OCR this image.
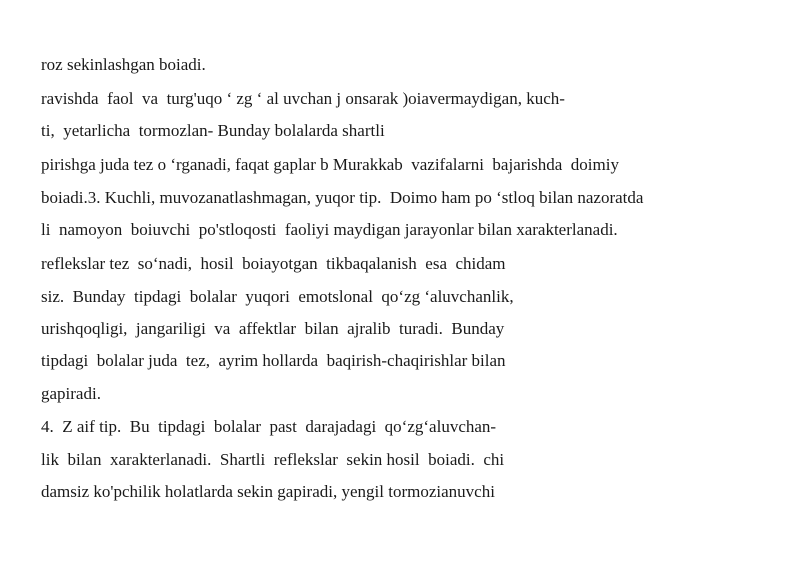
roz sekinlashgan boiadi.

ravishda  faol  va  turg'uqo ‘ zg ‘ al uvchan j onsarak )oiavermaydigan, kuch-

ti,  yetarlicha  tormozlan- Bunday bolalarda shartli

pirishga juda tez o ‘rganadi, faqat gaplar b Murakkab  vazifalarni  bajarishda  doimiy

boiadi.3. Kuchli, muvozanatlashmagan, yuqor tip.  Doimo ham po ‘stloq bilan nazoratda

li  namoyon  boiuvchi  po'stloqosti  faoliyi maydigan jarayonlar bilan xarakterlanadi.

reflekslar tez  so‘nadi,  hosil  boiayotgan  tikbaqalanish  esa  chidam

siz.  Bunday  tipdagi  bolalar  yuqori  emotslonal  qo‘zg ‘aluvchanlik,

urishqoqligi,  jangariligi  va  affektlar  bilan  ajralib  turadi.  Bunday

tipdagi  bolalar juda  tez,  ayrim hollarda  baqirish-chaqirishlar bilan

gapiradi.

4.  Z aif tip.  Bu  tipdagi  bolalar  past  darajadagi  qo‘zg‘aluvchan-

lik  bilan  xarakterlanadi.  Shartli  reflekslar  sekin hosil  boiadi.  chi

damsiz ko'pchilik holatlarda sekin gapiradi, yengil tormozianuvchi
